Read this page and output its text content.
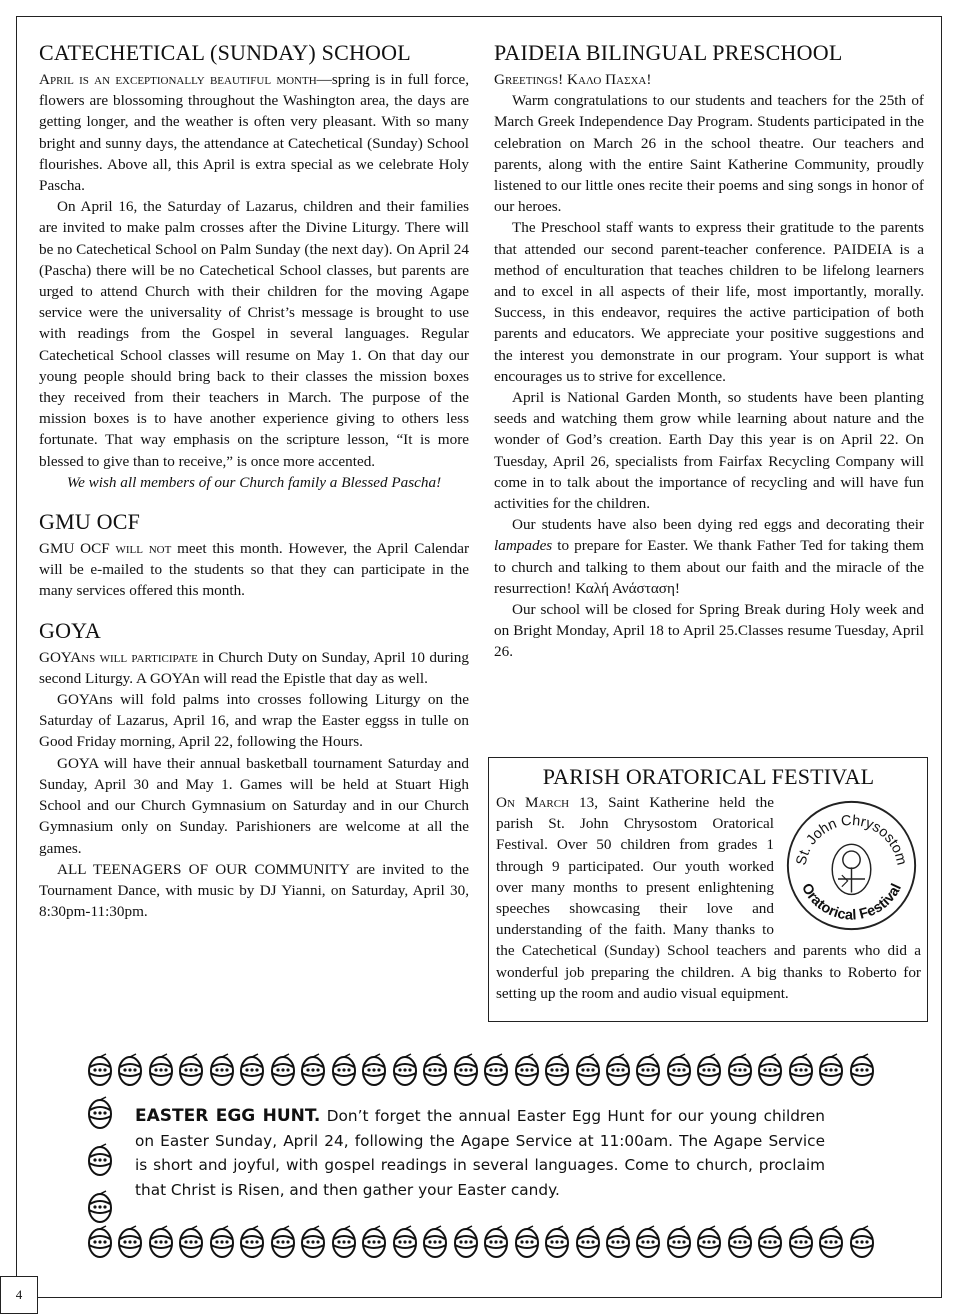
CATECHETICAL (SUNDAY) SCHOOL

April is an exceptionally beautiful month—spring is in full force, flowers are blossoming throughout the Washington area, the days are getting longer, and the weather is often very pleasant. With so many bright and sunny days, the attendance at Catechetical (Sunday) School flourishes. Above all, this April is extra special as we celebrate Holy Pascha.

On April 16, the Saturday of Lazarus, children and their families are invited to make palm crosses after the Divine Liturgy. There will be no Catechetical School on Palm Sunday (the next day). On April 24 (Pascha) there will be no Catechetical School classes, but parents are urged to attend Church with their children for the moving Agape service were the universality of Christ’s message is brought to use with readings from the Gospel in several languages. Regular Catechetical School classes will resume on May 1. On that day our young people should bring back to their classes the mission boxes they received from their teachers in March. The purpose of the mission boxes is to have another experience giving to others less fortunate. That way emphasis on the scripture lesson, “It is more blessed to give than to receive,” is once more accented.

We wish all members of our Church family a Blessed Pascha!

GMU OCF

GMU OCF will not meet this month. However, the April Calendar will be e-mailed to the students so that they can participate in the many services offered this month.

GOYA

GOYAns will participate in Church Duty on Sunday, April 10 during second Liturgy. A GOYAn will read the Epistle that day as well.

GOYAns will fold palms into crosses following Liturgy on the Saturday of Lazarus, April 16, and wrap the Easter eggss in tulle on Good Friday morning, April 22, following the Hours.

GOYA will have their annual basketball tournament Saturday and Sunday, April 30 and May 1. Games will be held at Stuart High School and our Church Gymnasium on Saturday and in our Church Gymnasium only on Sunday. Parishioners are welcome at all the games.

ALL TEENAGERS OF OUR COMMUNITY are invited to the Tournament Dance, with music by DJ Yianni, on Saturday, April 30, 8:30pm-11:30pm.

PAIDEIA BILINGUAL PRESCHOOL

Greetings! Καλο Πασχα!

Warm congratulations to our students and teachers for the 25th of March Greek Independence Day Program. Students participated in the celebration on March 26 in the school theatre. Our teachers and parents, along with the entire Saint Katherine Community, proudly listened to our little ones recite their poems and sing songs in honor of our heroes.

The Preschool staff wants to express their gratitude to the parents that attended our second parent-teacher conference. PAIDEIA is a method of enculturation that teaches children to be lifelong learners and to excel in all aspects of their life, most importantly, morally. Success, in this endeavor, requires the active participation of both parents and educators. We appreciate your positive suggestions and the interest you demonstrate in our program. Your support is what encourages us to strive for excellence.

April is National Garden Month, so students have been planting seeds and watching them grow while learning about nature and the wonder of God’s creation. Earth Day this year is on April 22. On Tuesday, April 26, specialists from Fairfax Recycling Company will come in to talk about the importance of recycling and will have fun activities for the children.

Our students have also been dying red eggs and decorating their lampades to prepare for Easter. We thank Father Ted for taking them to church and talking to them about our faith and the miracle of the resurrection! Καλή Ανάσταση!

Our school will be closed for Spring Break during Holy week and on Bright Monday, April 18 to April 25.Classes resume Tuesday, April 26.

PARISH ORATORICAL FESTIVAL
St. John Chrysostom
Oratorical Festival

On March 13, Saint Katherine held the parish St. John Chrysostom Oratorical Festival. Over 50 children from grades 1 through 9 participated. Our youth worked over many months to present enlightening speeches showcasing their love and understanding of the faith. Many thanks to the Catechetical (Sunday) School teachers and parents who did a wonderful job preparing the children. A big thanks to Roberto for setting up the room and audio visual equipment.

EASTER EGG HUNT. Don’t forget the annual Easter Egg Hunt for our young children on Easter Sunday, April 24, following the Agape Service at 11:00am. The Agape Service is short and joyful, with gospel readings in several languages. Come to church, proclaim that Christ is Risen, and then gather your Easter candy.
4
